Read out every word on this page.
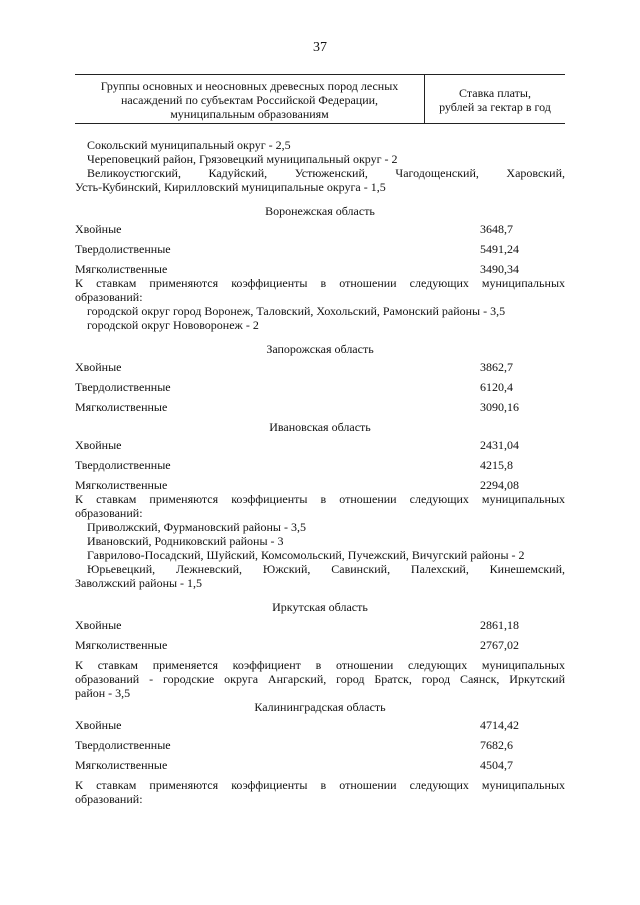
37
Группы основных и неосновных древесных пород лесных
насаждений по субъектам Российской Федерации,
муниципальным образованиям
Ставка платы,
рублей за гектар в год
Сокольский муниципальный округ - 2,5
Череповецкий район, Грязовецкий муниципальный округ - 2
Великоустюгский, Кадуйский, Устюженский, Чагодощенский, Харовский,
Усть-Кубинский, Кирилловский муниципальные округа - 1,5
Воронежская область
Хвойные	3648,7
Твердолиственные	5491,24
Мягколиственные	3490,34
К ставкам применяются коэффициенты в отношении следующих муниципальных
образований:
городской округ город Воронеж, Таловский, Хохольский, Рамонский районы - 3,5
городской округ Нововоронеж - 2
Запорожская область
Хвойные	3862,7
Твердолиственные	6120,4
Мягколиственные	3090,16
Ивановская область
Хвойные	2431,04
Твердолиственные	4215,8
Мягколиственные	2294,08
К ставкам применяются коэффициенты в отношении следующих муниципальных
образований:
Приволжский, Фурмановский районы - 3,5
Ивановский, Родниковский районы - 3
Гаврилово-Посадский, Шуйский, Комсомольский, Пучежский, Вичугский районы - 2
Юрьевецкий, Лежневский, Южский, Савинский, Палехский, Кинешемский,
Заволжский районы - 1,5
Иркутская область
Хвойные	2861,18
Мягколиственные	2767,02
К ставкам применяется коэффициент в отношении следующих муниципальных
образований - городские округа Ангарский, город Братск, город Саянск, Иркутский
район - 3,5
Калининградская область
Хвойные	4714,42
Твердолиственные	7682,6
Мягколиственные	4504,7
К ставкам применяются коэффициенты в отношении следующих муниципальных
образований:
